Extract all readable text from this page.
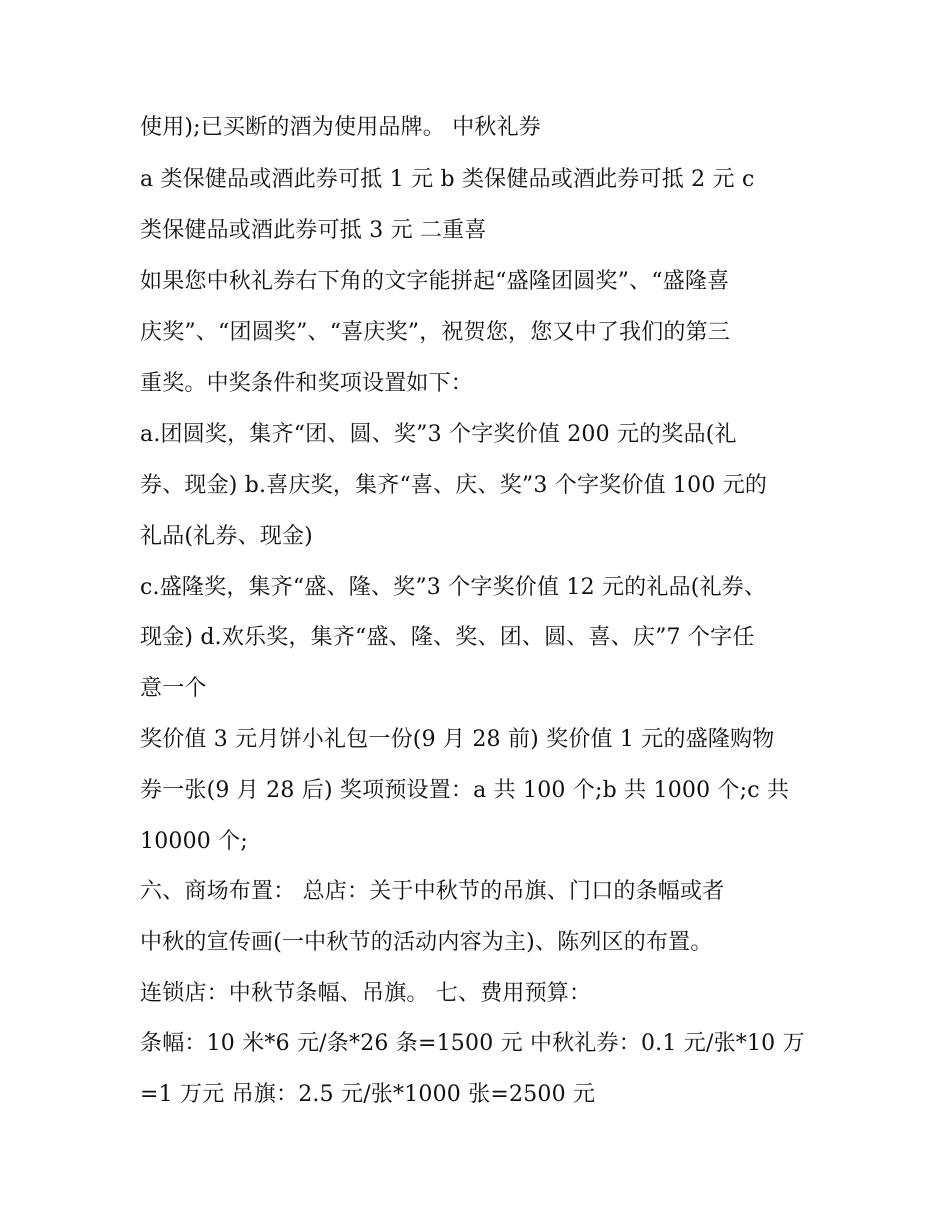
使用);已买断的酒为使用品牌。 中秋礼券
a 类保健品或酒此券可抵 1 元 b 类保健品或酒此券可抵 2 元 c
类保健品或酒此券可抵 3 元 二重喜
如果您中秋礼券右下角的文字能拼起“盛隆团圆奖”、“盛隆喜
庆奖”、“团圆奖”、“喜庆奖”，祝贺您，您又中了我们的第三
重奖。中奖条件和奖项设置如下：
a.团圆奖，集齐“团、圆、奖”3 个字奖价值 200 元的奖品(礼
券、现金) b.喜庆奖，集齐“喜、庆、奖”3 个字奖价值 100 元的
礼品(礼券、现金)
c.盛隆奖，集齐“盛、隆、奖”3 个字奖价值 12 元的礼品(礼券、
现金) d.欢乐奖，集齐“盛、隆、奖、团、圆、喜、庆”7 个字任
意一个
奖价值 3 元月饼小礼包一份(9 月 28 前) 奖价值 1 元的盛隆购物
券一张(9 月 28 后) 奖项预设置：a 共 100 个;b 共 1000 个;c 共
10000 个;
六、商场布置： 总店：关于中秋节的吊旗、门口的条幅或者
中秋的宣传画(一中秋节的活动内容为主)、陈列区的布置。
连锁店：中秋节条幅、吊旗。 七、费用预算：
条幅：10 米*6 元/条*26 条=1500 元 中秋礼券：0.1 元/张*10 万
=1 万元 吊旗：2.5 元/张*1000 张=2500 元
